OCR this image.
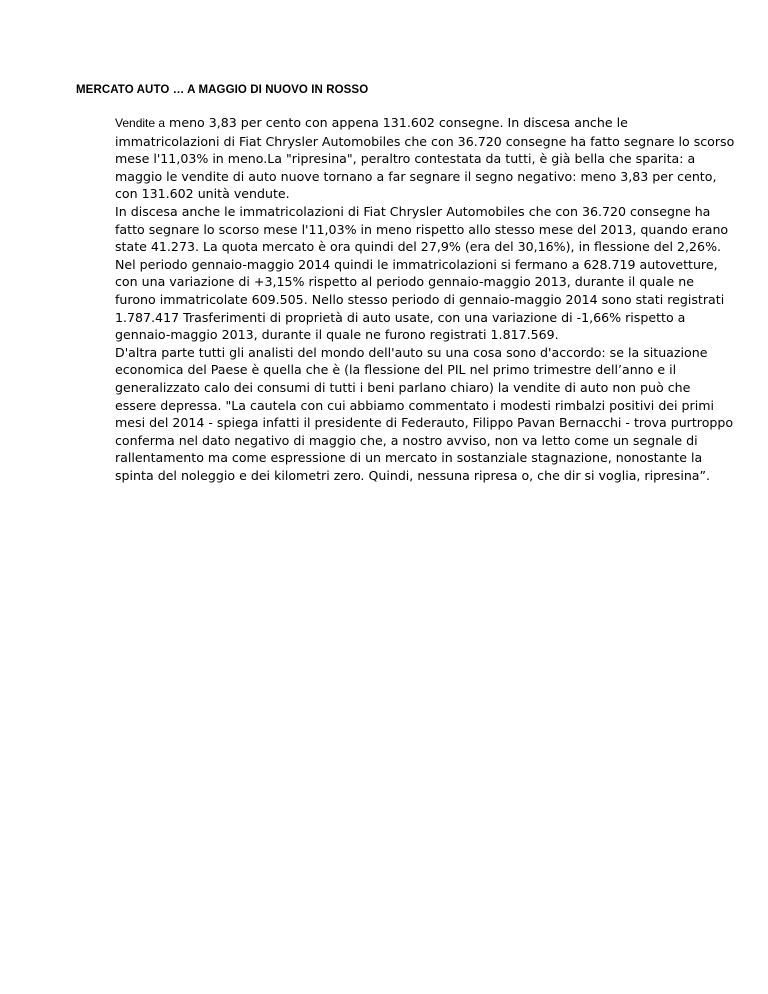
MERCATO AUTO … A MAGGIO DI NUOVO IN ROSSO
Vendite a meno 3,83 per cento con appena 131.602 consegne. In discesa anche le immatricolazioni di Fiat Chrysler Automobiles che con 36.720 consegne ha fatto segnare lo scorso mese l'11,03% in meno.La "ripresina", peraltro contestata da tutti, è già bella che sparita: a maggio le vendite di auto nuove tornano a far segnare il segno negativo: meno 3,83 per cento, con 131.602 unità vendute.
In discesa anche le immatricolazioni di Fiat Chrysler Automobiles che con 36.720 consegne ha fatto segnare lo scorso mese l'11,03% in meno rispetto allo stesso mese del 2013, quando erano state 41.273. La quota mercato è ora quindi del 27,9% (era del 30,16%), in flessione del 2,26%.
Nel periodo gennaio-maggio 2014 quindi le immatricolazioni si fermano a 628.719 autovetture, con una variazione di +3,15% rispetto al periodo gennaio-maggio 2013, durante il quale ne furono immatricolate 609.505. Nello stesso periodo di gennaio-maggio 2014 sono stati registrati 1.787.417 Trasferimenti di proprietà di auto usate, con una variazione di -1,66% rispetto a gennaio-maggio 2013, durante il quale ne furono registrati 1.817.569.
D'altra parte tutti gli analisti del mondo dell'auto su una cosa sono d'accordo: se la situazione economica del Paese è quella che è (la flessione del PIL nel primo trimestre dell’anno e il generalizzato calo dei consumi di tutti i beni parlano chiaro) la vendite di auto non può che essere depressa. "La cautela con cui abbiamo commentato i modesti rimbalzi positivi dei primi mesi del 2014 - spiega infatti il presidente di Federauto, Filippo Pavan Bernacchi - trova purtroppo conferma nel dato negativo di maggio che, a nostro avviso, non va letto come un segnale di rallentamento ma come espressione di un mercato in sostanziale stagnazione, nonostante la spinta del noleggio e dei kilometri zero. Quindi, nessuna ripresa o, che dir si voglia, ripresina”.
